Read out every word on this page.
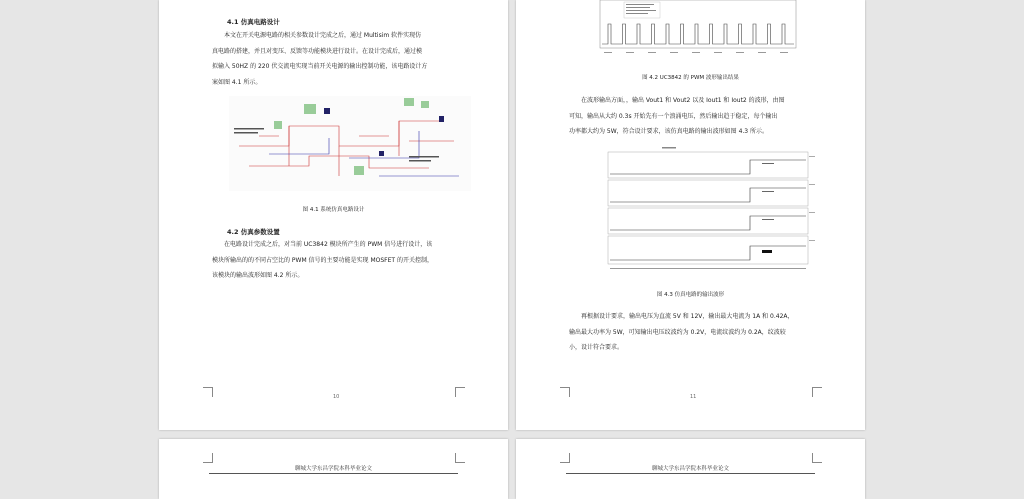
4.1 仿真电路设计
本文在开关电源电路的相关参数设计完成之后，通过 Multisim 软件实现仿
真电路的搭建，并且对变压、反馈等功能模块进行设计。在设计完成后，通过模
拟输入 50HZ 的 220 伏交流电实现当前开关电源的输出控制功能，该电路设计方
案如图 4.1 所示。
图 4.1 系统仿真电路设计
4.2 仿真参数设置
在电路设计完成之后，对当前 UC3842 模块所产生的 PWM 信号进行设计，该
模块所输出的的不同占空比的 PWM 信号的主要功能是实现 MOSFET 的开关控制，
该模块的输出波形如图 4.2 所示。
10
图 4.2 UC3842 的 PWM 波形输出结果
在波形输出方面，，输出 Vout1 和 Vout2 以及 Iout1 和 Iout2 的波形，由图
可知，输出从大约 0.3s 开始先有一个浪涌电压，然后输出趋于稳定，每个输出
功率都大约为 5W，符合设计要求，该仿真电路的输出波形如图 4.3 所示。
图 4.3 仿真电路的输出波形
再根据设计要求，输出电压为直流 5V 和 12V，输出最大电流为 1A 和 0.42A，
输出最大功率为 5W，可知输出电压纹波约为 0.2V，电流纹波约为 0.2A，纹波较
小，设计符合要求。
11
聊城大学东昌学院本科毕业论文	聊城大学东昌学院本科毕业论文
